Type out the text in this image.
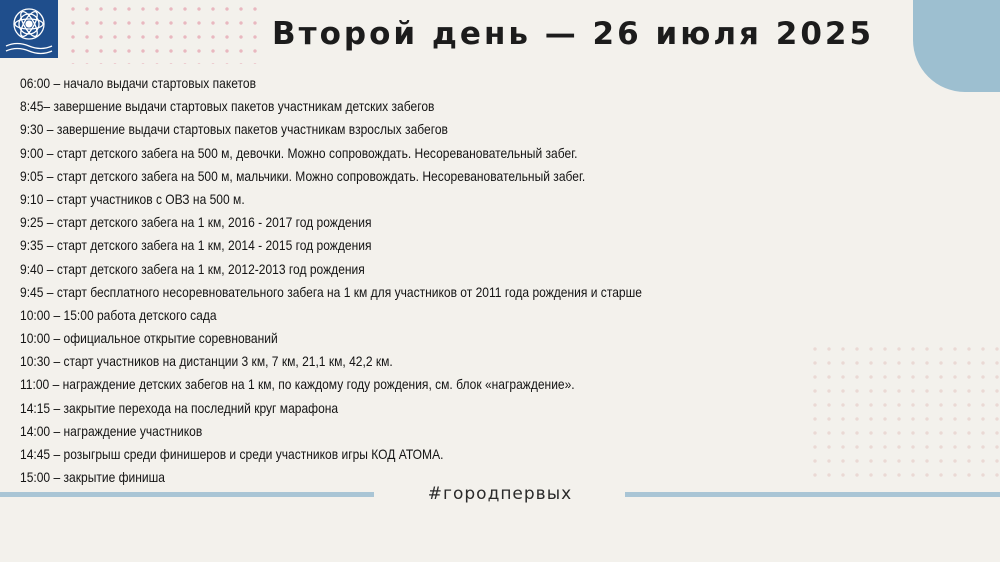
Второй день — 26 июля 2025
06:00 – начало выдачи стартовых пакетов
8:45– завершение выдачи стартовых пакетов участникам детских забегов
9:30 – завершение выдачи стартовых пакетов участникам взрослых забегов
9:00 – старт детского забега на 500 м, девочки. Можно сопровождать. Несоревановательный забег.
9:05 – старт детского забега на 500 м, мальчики. Можно сопровождать. Несоревановательный забег.
9:10 – старт участников с ОВЗ на 500 м.
9:25 – старт детского забега на 1 км, 2016 - 2017 год рождения
9:35 – старт детского забега на 1 км, 2014 - 2015 год рождения
9:40 – старт детского забега на 1 км, 2012-2013 год рождения
9:45 – старт бесплатного несоревновательного забега на 1 км для участников от 2011 года рождения и старше
10:00 – 15:00 работа детского сада
10:00 – официальное открытие соревнований
10:30 – старт участников на дистанции 3 км, 7 км, 21,1 км, 42,2 км.
11:00 – награждение детских забегов на 1 км, по каждому году рождения, см. блок «награждение».
14:15 – закрытие перехода на последний круг марафона
14:00 – награждение участников
14:45 – розыгрыш среди финишеров и среди участников игры КОД АТОМА.
15:00 – закрытие финиша
#городпервых
